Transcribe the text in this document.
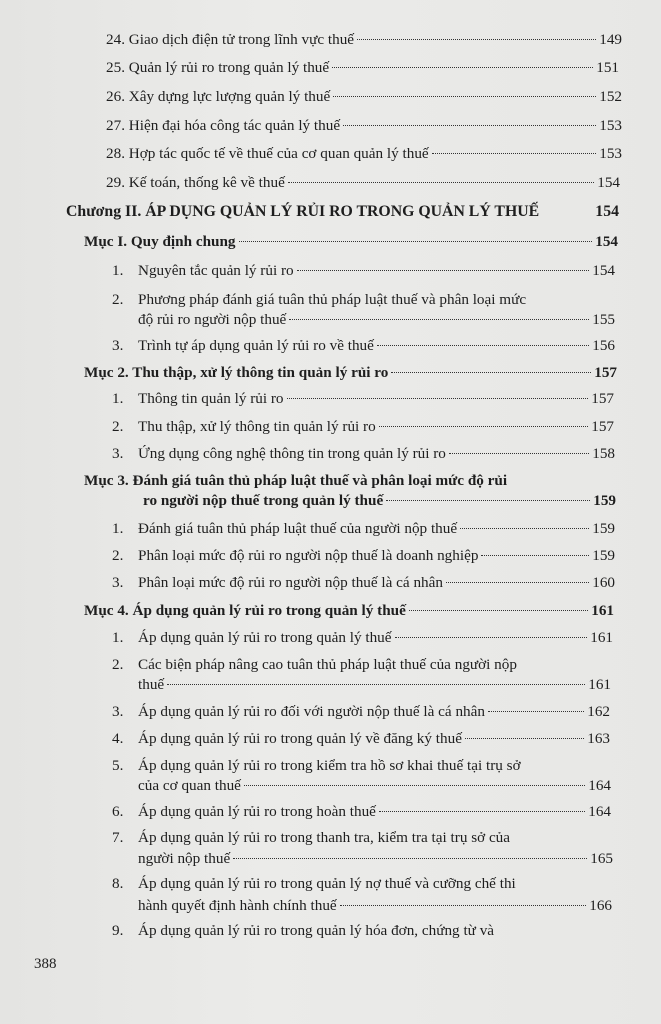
24. Giao dịch điện tử trong lĩnh vực thuế	149
25. Quản lý rủi ro trong quản lý thuế	151
26. Xây dựng lực lượng quản lý thuế	152
27. Hiện đại hóa công tác quản lý thuế	153
28. Hợp tác quốc tế về thuế của cơ quan quản lý thuế	153
29. Kế toán, thống kê về thuế	154
Chương II. ÁP DỤNG QUẢN LÝ RỦI RO TRONG QUẢN LÝ THUẾ	154
Mục I. Quy định chung	154
1. Nguyên tắc quản lý rủi ro	154
2. Phương pháp đánh giá tuân thủ pháp luật thuế và phân loại mức
độ rủi ro người nộp thuế	155
3. Trình tự áp dụng quản lý rủi ro về thuế	156
Mục 2. Thu thập, xử lý thông tin quản lý rủi ro	157
1. Thông tin quản lý rủi ro	157
2. Thu thập, xử lý thông tin quản lý rủi ro	157
3. Ứng dụng công nghệ thông tin trong quản lý rủi ro	158
Mục 3. Đánh giá tuân thủ pháp luật thuế và phân loại mức độ rủi
ro người nộp thuế trong quản lý thuế	159
1. Đánh giá tuân thủ pháp luật thuế của người nộp thuế	159
2. Phân loại mức độ rủi ro người nộp thuế là doanh nghiệp	159
3. Phân loại mức độ rủi ro người nộp thuế là cá nhân	160
Mục 4. Áp dụng quản lý rủi ro trong quản lý thuế	161
1. Áp dụng quản lý rủi ro trong quản lý thuế	161
2. Các biện pháp nâng cao tuân thủ pháp luật thuế của người nộp
thuế	161
3. Áp dụng quản lý rủi ro đối với người nộp thuế là cá nhân	162
4. Áp dụng quản lý rủi ro trong quản lý về đăng ký thuế	163
5. Áp dụng quản lý rủi ro trong kiểm tra hồ sơ khai thuế tại trụ sở
của cơ quan thuế	164
6. Áp dụng quản lý rủi ro trong hoàn thuế	164
7. Áp dụng quản lý rủi ro trong thanh tra, kiểm tra tại trụ sở của
người nộp thuế	165
8. Áp dụng quản lý rủi ro trong quản lý nợ thuế và cưỡng chế thi
hành quyết định hành chính thuế	166
9. Áp dụng quản lý rủi ro trong quản lý hóa đơn, chứng từ và
388
